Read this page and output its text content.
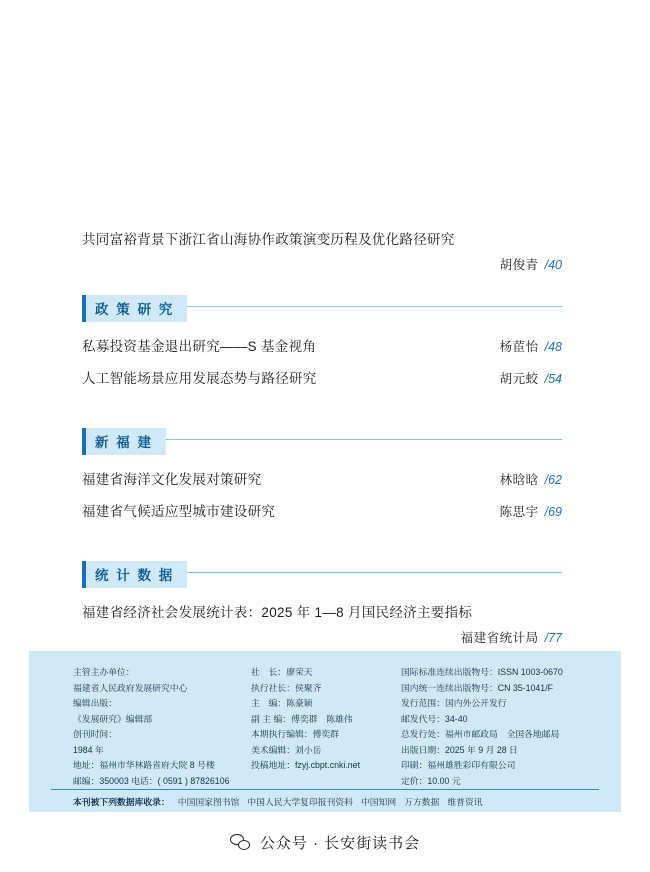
共同富裕背景下浙江省山海协作政策演变历程及优化路径研究
胡俊青 /40
政 策 研 究
私募投资基金退出研究——S 基金视角	杨茞怡 /48
人工智能场景应用发展态势与路径研究	胡元蛟 /54
新 福 建
福建省海洋文化发展对策研究	林晗晗 /62
福建省气候适应型城市建设研究	陈思宇 /69
统 计 数 据
福建省经济社会发展统计表：2025 年 1—8 月国民经济主要指标
福建省统计局 /77
主管主办单位：
福建省人民政府发展研究中心
编辑出版：
《发展研究》编辑部
创刊时间：
1984 年
地址：福州市华林路省府大院 8 号楼
邮编：350003 电话：( 0591 ) 87826106
社　长：廖荣天
执行社长：侯聚齐
主　编：陈豪颖
副 主 编：傅奕群　陈雄伟
本期执行编辑：傅奕群
美术编辑：刘小岳
投稿地址：fzyj.cbpt.cnki.net
国际标准连续出版物号：ISSN 1003-0670
国内统一连续出版物号：CN 35-1041/F
发行范围：国内外公开发行
邮发代号：34-40
总发行处：福州市邮政局　全国各地邮局
出版日期：2025 年 9 月 28 日
印刷：福州雄胜彩印有限公司
定价：10.00 元
本刊被下列数据库收录： 中国国家图书馆 中国人民大学复印报刊资料 中国知网 万方数据 维普资讯
公众号 · 长安街读书会
